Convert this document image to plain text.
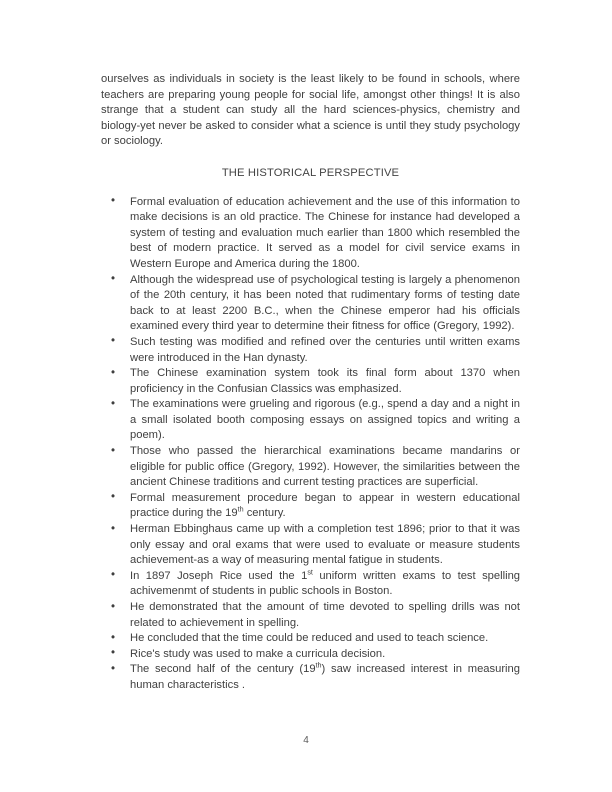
ourselves as individuals in society is the least likely to be found in schools, where teachers are preparing young people for social life, amongst other things! It is also strange that a student can study all the hard sciences-physics, chemistry and biology-yet never be asked to consider what a science is until they study psychology or sociology.

THE HISTORICAL PERSPECTIVE
• Formal evaluation of education achievement and the use of this information to make decisions is an old practice. The Chinese for instance had developed a system of testing and evaluation much earlier than 1800 which resembled the best of modern practice. It served as a model for civil service exams in Western Europe and America during the 1800.
• Although the widespread use of psychological testing is largely a phenomenon of the 20th century, it has been noted that rudimentary forms of testing date back to at least 2200 B.C., when the Chinese emperor had his officials examined every third year to determine their fitness for office (Gregory, 1992).
• Such testing was modified and refined over the centuries until written exams were introduced in the Han dynasty.
• The Chinese examination system took its final form about 1370 when proficiency in the Confusian Classics was emphasized.
• The examinations were grueling and rigorous (e.g., spend a day and a night in a small isolated booth composing essays on assigned topics and writing a poem).
• Those who passed the hierarchical examinations became mandarins or eligible for public office (Gregory, 1992). However, the similarities between the ancient Chinese traditions and current testing practices are superficial.
• Formal measurement procedure began to appear in western educational practice during the 19th century.
• Herman Ebbinghaus came up with a completion test 1896; prior to that it was only essay and oral exams that were used to evaluate or measure students achievement-as a way of measuring mental fatigue in students.
• In 1897 Joseph Rice used the 1st uniform written exams to test spelling achivemenmt of students in public schools in Boston.
• He demonstrated that the amount of time devoted to spelling drills was not related to achievement in spelling.
• He concluded that the time could be reduced and used to teach science.
• Rice's study was used to make a curricula decision.
• The second half of the century (19th) saw increased interest in measuring human characteristics .
4
